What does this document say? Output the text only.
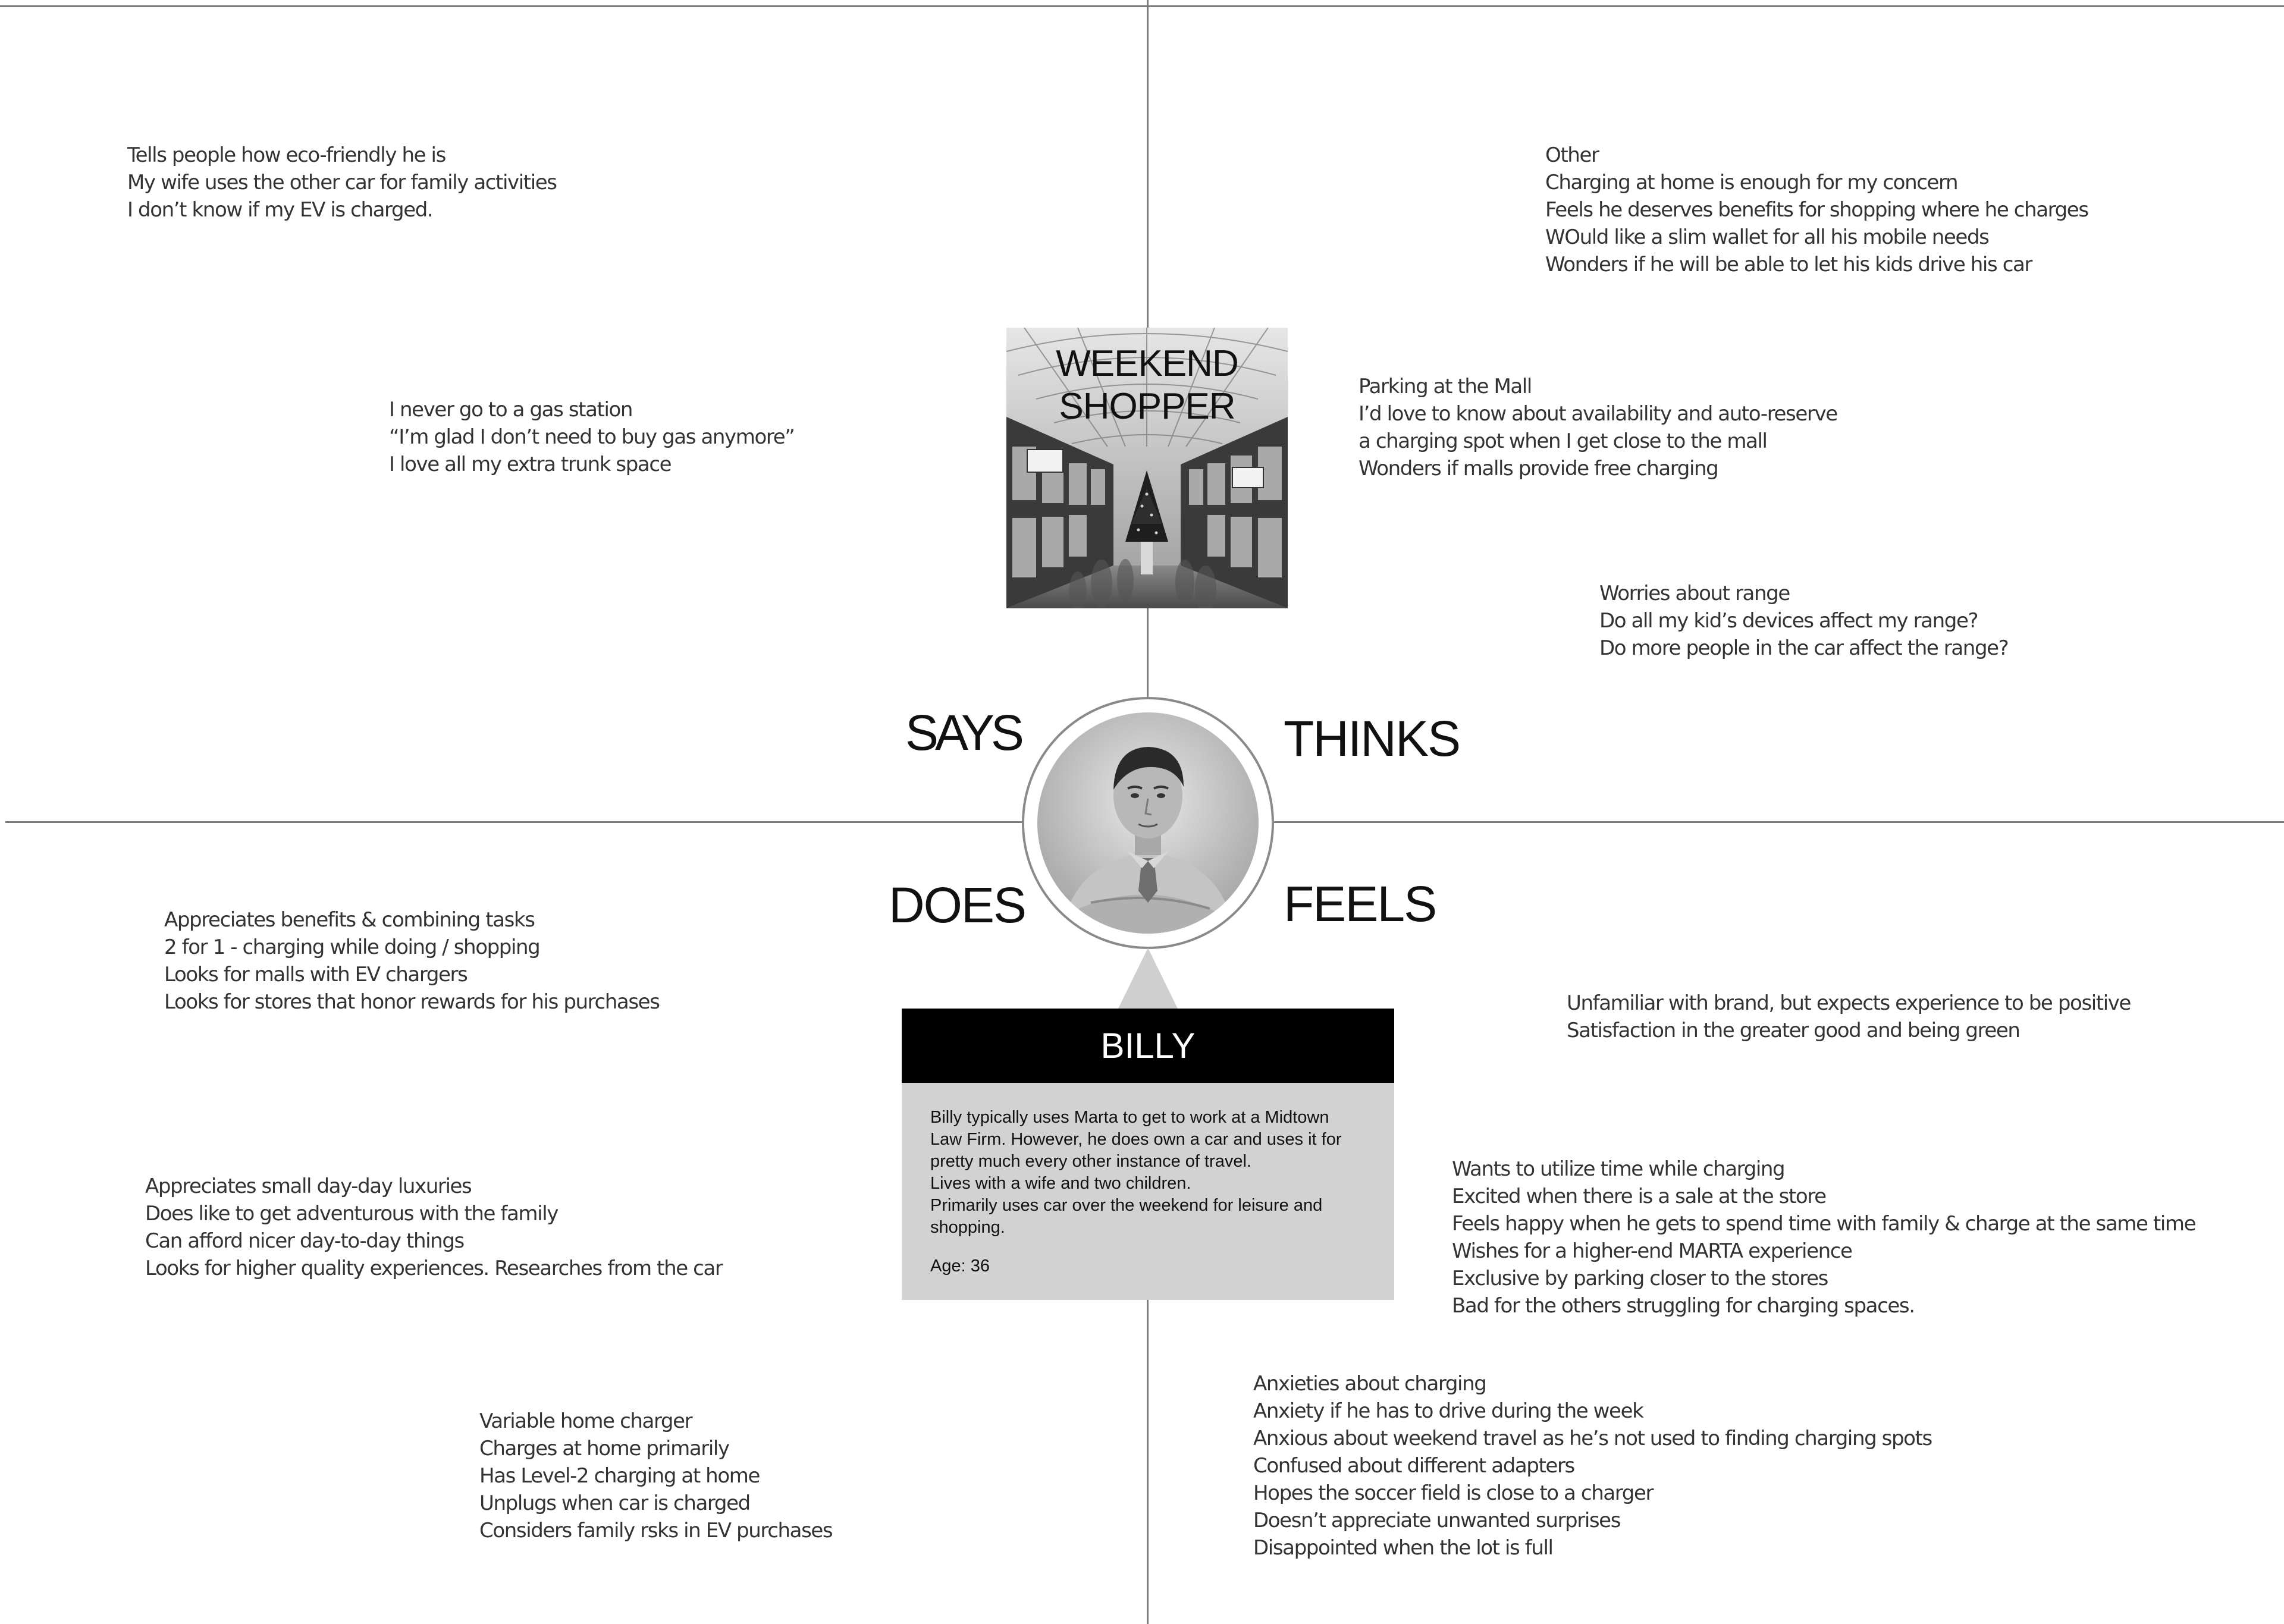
Tells people how eco-friendly he is
My wife uses the other car for family activities
I don’t know if my EV is charged.
I never go to a gas station
“I’m glad I don’t need to buy gas anymore”
I love all my extra trunk space
Other
Charging at home is enough for my concern
Feels he deserves benefits for shopping where he charges
WOuld like a slim wallet for all his mobile needs
Wonders if he will be able to let his kids drive his car
Parking at the Mall
I’d love to know about availability and auto-reserve
a charging spot when I get close to the mall
Wonders if malls provide free charging
Worries about range
Do all my kid’s devices affect my range?
Do more people in the car affect the range?
Appreciates benefits & combining tasks
2 for 1 - charging while doing / shopping
Looks for malls with EV chargers
Looks for stores that honor rewards for his purchases
Appreciates small day-day luxuries
Does like to get adventurous with the family
Can afford nicer day-to-day things
Looks for higher quality experiences. Researches from the car
Variable home charger
Charges at home primarily
Has Level-2 charging at home
Unplugs when car is charged
Considers family rsks in EV purchases
Unfamiliar with brand, but expects experience to be positive
Satisfaction in the greater good and being green
Wants to utilize time while charging
Excited when there is a sale at the store
Feels happy when he gets to spend time with family & charge at the same time
Wishes for a higher-end MARTA experience
Exclusive by parking closer to the stores
Bad for the others struggling for charging spaces.
Anxieties about charging
Anxiety if he has to drive during the week
Anxious about weekend travel as he’s not used to finding charging spots
Confused about different adapters
Hopes the soccer field is close to a charger
Doesn’t appreciate unwanted surprises
Disappointed when the lot is full
WEEKEND
SHOPPER
SAYS	THINKS
DOES	FEELS
BILLY
Billy typically uses Marta to get to work at a Midtown
Law Firm. However, he does own a car and uses it for
pretty much every other instance of travel.
Lives with a wife and two children.
Primarily uses car over the weekend for leisure and
shopping.
Age: 36
